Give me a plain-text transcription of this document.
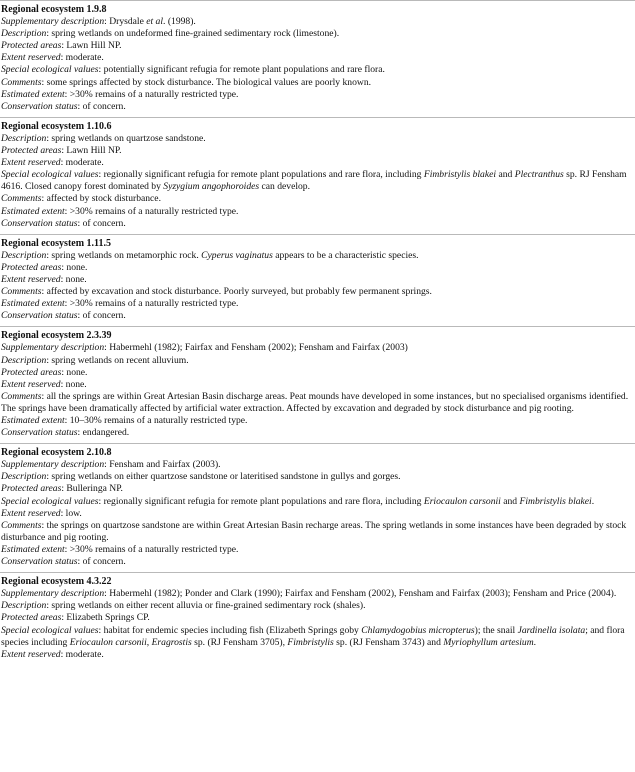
Regional ecosystem 1.9.8
Supplementary description: Drysdale et al. (1998).
Description: spring wetlands on undeformed fine-grained sedimentary rock (limestone).
Protected areas: Lawn Hill NP.
Extent reserved: moderate.
Special ecological values: potentially significant refugia for remote plant populations and rare flora.
Comments: some springs affected by stock disturbance. The biological values are poorly known.
Estimated extent: >30% remains of a naturally restricted type.
Conservation status: of concern.
Regional ecosystem 1.10.6
Description: spring wetlands on quartzose sandstone.
Protected areas: Lawn Hill NP.
Extent reserved: moderate.
Special ecological values: regionally significant refugia for remote plant populations and rare flora, including Fimbristylis blakei and Plectranthus sp. RJ Fensham 4616. Closed canopy forest dominated by Syzygium angophoroides can develop.
Comments: affected by stock disturbance.
Estimated extent: >30% remains of a naturally restricted type.
Conservation status: of concern.
Regional ecosystem 1.11.5
Description: spring wetlands on metamorphic rock. Cyperus vaginatus appears to be a characteristic species.
Protected areas: none.
Extent reserved: none.
Comments: affected by excavation and stock disturbance. Poorly surveyed, but probably few permanent springs.
Estimated extent: >30% remains of a naturally restricted type.
Conservation status: of concern.
Regional ecosystem 2.3.39
Supplementary description: Habermehl (1982); Fairfax and Fensham (2002); Fensham and Fairfax (2003)
Description: spring wetlands on recent alluvium.
Protected areas: none.
Extent reserved: none.
Comments: all the springs are within Great Artesian Basin discharge areas. Peat mounds have developed in some instances, but no specialised organisms identified. The springs have been dramatically affected by artificial water extraction. Affected by excavation and degraded by stock disturbance and pig rooting.
Estimated extent: 10–30% remains of a naturally restricted type.
Conservation status: endangered.
Regional ecosystem 2.10.8
Supplementary description: Fensham and Fairfax (2003).
Description: spring wetlands on either quartzose sandstone or lateritised sandstone in gullys and gorges.
Protected areas: Bulleringa NP.
Special ecological values: regionally significant refugia for remote plant populations and rare flora, including Eriocaulon carsonii and Fimbristylis blakei.
Extent reserved: low.
Comments: the springs on quartzose sandstone are within Great Artesian Basin recharge areas. The spring wetlands in some instances have been degraded by stock disturbance and pig rooting.
Estimated extent: >30% remains of a naturally restricted type.
Conservation status: of concern.
Regional ecosystem 4.3.22
Supplementary description: Habermehl (1982); Ponder and Clark (1990); Fairfax and Fensham (2002), Fensham and Fairfax (2003); Fensham and Price (2004).
Description: spring wetlands on either recent alluvia or fine-grained sedimentary rock (shales).
Protected areas: Elizabeth Springs CP.
Special ecological values: habitat for endemic species including fish (Elizabeth Springs goby Chlamydogobius micropterus); the snail Jardinella isolata; and flora species including Eriocaulon carsonii, Eragrostis sp. (RJ Fensham 3705), Fimbristylis sp. (RJ Fensham 3743) and Myriophyllum artesium.
Extent reserved: moderate.
